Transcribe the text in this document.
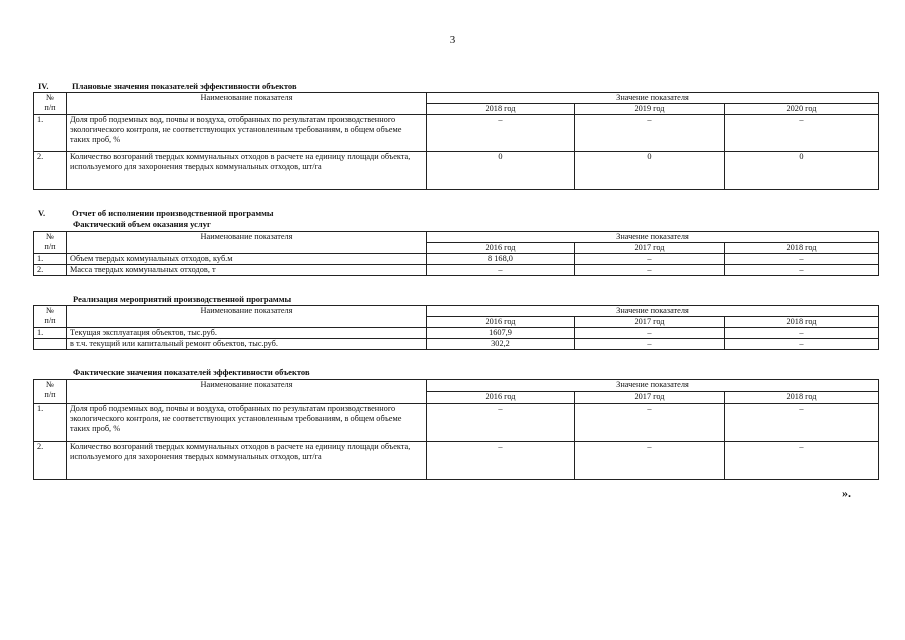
3
IV.	Плановые значения показателей эффективности объектов
№
п/п	Наименование показателя	Значение показателя		
		2018 год	2019 год	2020 год
1.	Доля проб подземных вод, почвы и воздуха, отобранных по результатам производственного экологического контроля, не соответствующих установленным требованиям, в общем объеме таких проб, %	–	–	–
2.	Количество возгораний твердых коммунальных отходов в расчете на единицу площади объекта, используемого для захоронения твердых коммунальных отходов, шт/га	0	0	0
V.	Отчет об исполнении производственной программы
Фактический объем оказания услуг
№
п/п	Наименование показателя	Значение показателя		
		2016 год	2017 год	2018 год
1.	Объем твердых коммунальных отходов, куб.м	8 168,0	–	–
2.	Масса твердых коммунальных отходов, т	–	–	–
Реализация мероприятий производственной программы
№
п/п	Наименование показателя	Значение показателя		
		2016 год	2017 год	2018 год
1.	Текущая эксплуатация объектов, тыс.руб.	1607,9	–	–
	в т.ч. текущий или капитальный ремонт объектов, тыс.руб.	302,2	–	–
Фактические значения показателей эффективности объектов
№
п/п	Наименование показателя	Значение показателя		
		2016 год	2017 год	2018 год
1.	Доля проб подземных вод, почвы и воздуха, отобранных по результатам производственного экологического контроля, не соответствующих установленным требованиям, в общем объеме таких проб, %	–	–	–
2.	Количество возгораний твердых коммунальных отходов в расчете на единицу площади объекта, используемого для захоронения твердых коммунальных отходов, шт/га	–	–	–
».
